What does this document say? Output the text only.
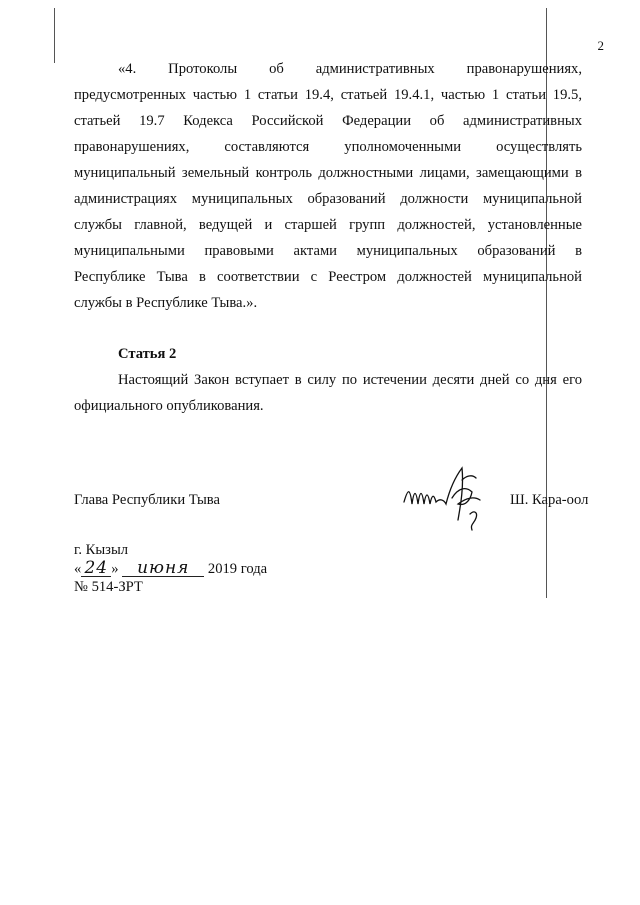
2
«4. Протоколы об административных правонарушениях,
предусмотренных частью 1 статьи 19.4, статьей 19.4.1, частью 1 статьи 19.5,
статьей 19.7 Кодекса Российской Федерации об административных
правонарушениях, составляются уполномоченными осуществлять
муниципальный земельный контроль должностными лицами, замещающими в
администрациях муниципальных образований должности муниципальной
службы главной, ведущей и старшей групп должностей, установленные
муниципальными правовыми актами муниципальных образований в
Республике Тыва в соответствии с Реестром должностей муниципальной
службы в Республике Тыва.».
Статья 2
Настоящий Закон вступает в силу по истечении десяти дней со дня его
официального опубликования.
Глава Республики Тыва	Ш. Кара-оол
г. Кызыл
« 24 » июня 2019 года
№ 514-ЗРТ
